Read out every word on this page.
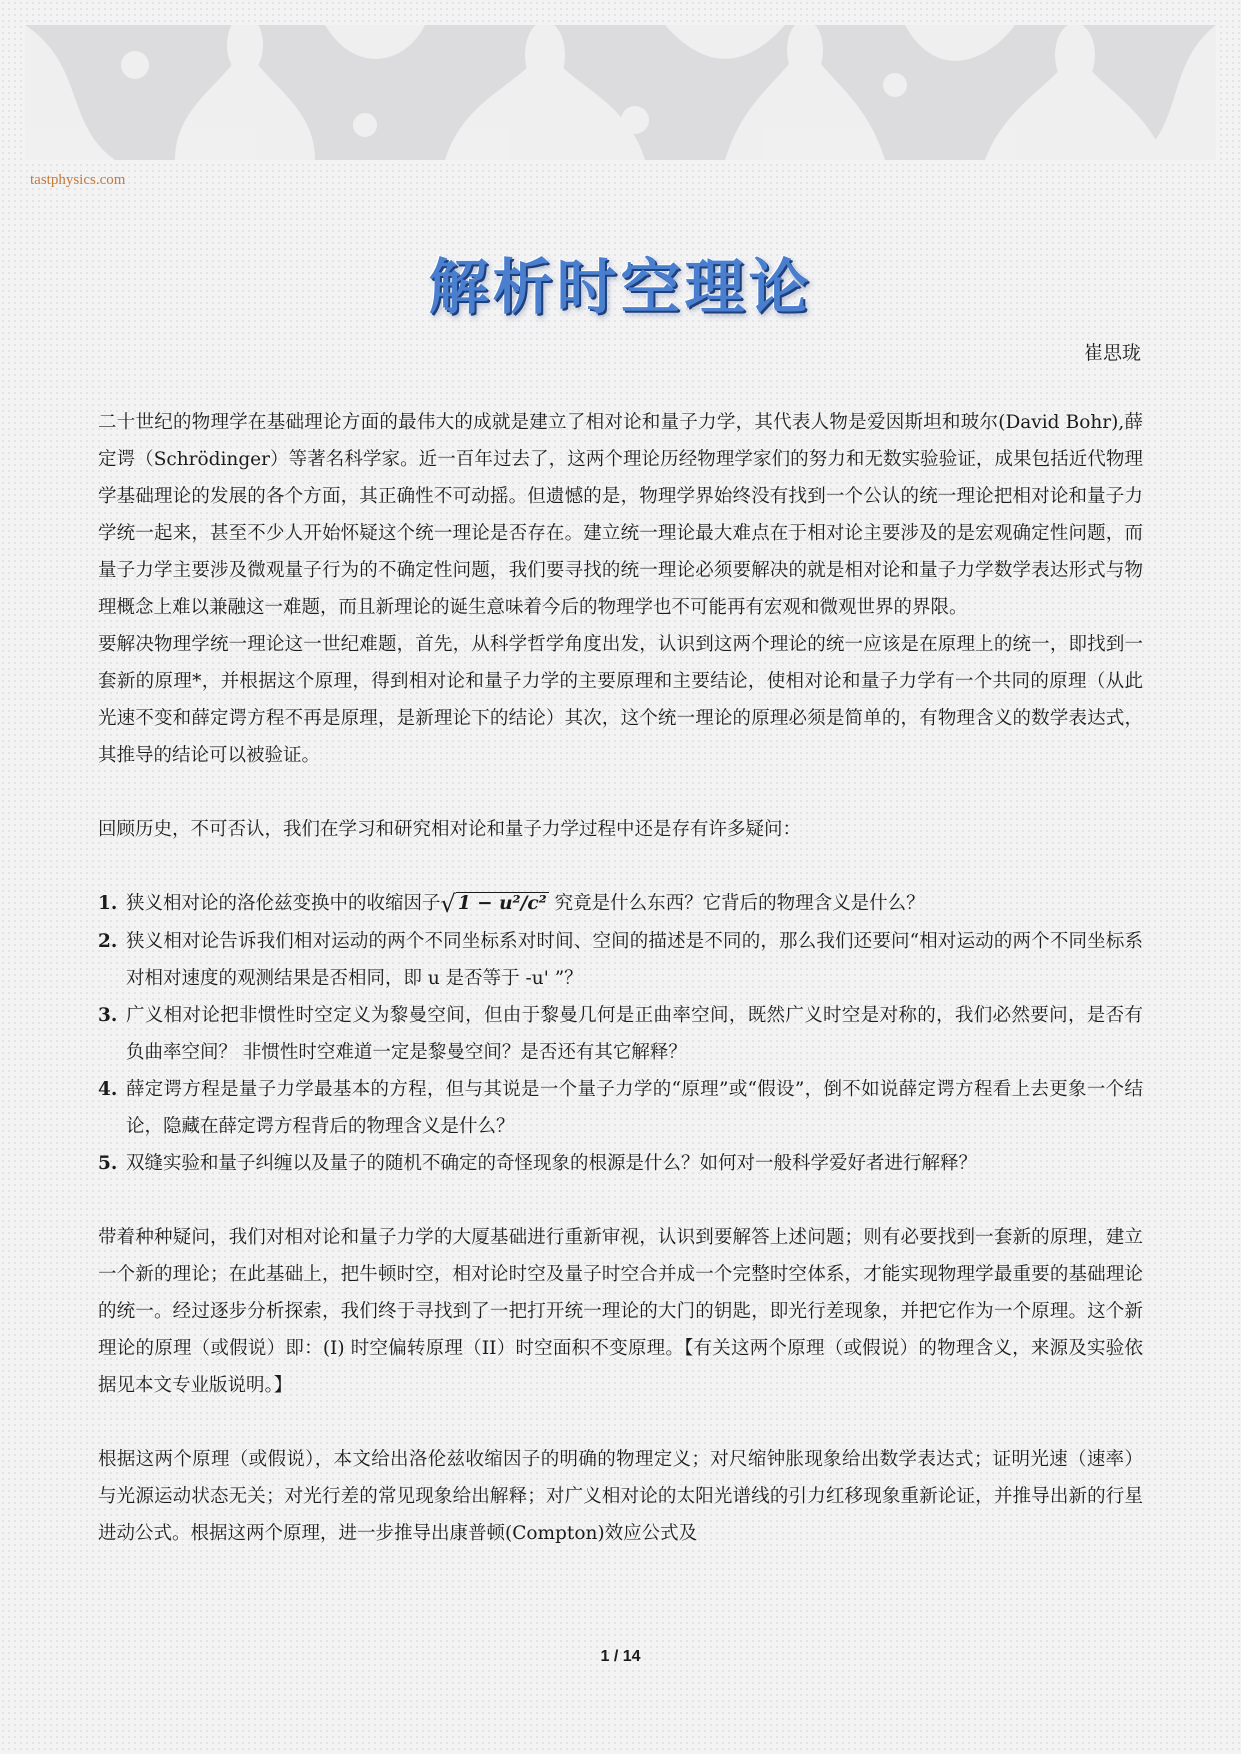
tastphysics.com
解析时空理论
崔思珑

二十世纪的物理学在基础理论方面的最伟大的成就是建立了相对论和量子力学，其代表人物是爱因斯坦和玻尔(David Bohr),薛定谔（Schrödinger）等著名科学家。近一百年过去了，这两个理论历经物理学家们的努力和无数实验验证，成果包括近代物理学基础理论的发展的各个方面，其正确性不可动摇。但遗憾的是，物理学界始终没有找到一个公认的统一理论把相对论和量子力学统一起来，甚至不少人开始怀疑这个统一理论是否存在。建立统一理论最大难点在于相对论主要涉及的是宏观确定性问题，而量子力学主要涉及微观量子行为的不确定性问题，我们要寻找的统一理论必须要解决的就是相对论和量子力学数学表达形式与物理概念上难以兼融这一难题，而且新理论的诞生意味着今后的物理学也不可能再有宏观和微观世界的界限。

要解决物理学统一理论这一世纪难题，首先，从科学哲学角度出发，认识到这两个理论的统一应该是在原理上的统一，即找到一套新的原理*，并根据这个原理，得到相对论和量子力学的主要原理和主要结论，使相对论和量子力学有一个共同的原理（从此光速不变和薛定谔方程不再是原理，是新理论下的结论）其次，这个统一理论的原理必须是简单的，有物理含义的数学表达式，其推导的结论可以被验证。

回顾历史，不可否认，我们在学习和研究相对论和量子力学过程中还是存有许多疑问：

1. 狭义相对论的洛伦兹变换中的收缩因子√ 1 − u²/c² 究竟是什么东西？它背后的物理含义是什么？
2. 狭义相对论告诉我们相对运动的两个不同坐标系对时间、空间的描述是不同的，那么我们还要问“相对运动的两个不同坐标系对相对速度的观测结果是否相同，即 u 是否等于 -u' ”？
3. 广义相对论把非惯性时空定义为黎曼空间，但由于黎曼几何是正曲率空间，既然广义时空是对称的，我们必然要问，是否有负曲率空间？ 非惯性时空难道一定是黎曼空间？是否还有其它解释？
4. 薛定谔方程是量子力学最基本的方程，但与其说是一个量子力学的“原理”或“假设”，倒不如说薛定谔方程看上去更象一个结论，隐藏在薛定谔方程背后的物理含义是什么？
5. 双缝实验和量子纠缠以及量子的随机不确定的奇怪现象的根源是什么？如何对一般科学爱好者进行解释？

带着种种疑问，我们对相对论和量子力学的大厦基础进行重新审视，认识到要解答上述问题；则有必要找到一套新的原理，建立一个新的理论；在此基础上，把牛顿时空，相对论时空及量子时空合并成一个完整时空体系，才能实现物理学最重要的基础理论的统一。经过逐步分析探索，我们终于寻找到了一把打开统一理论的大门的钥匙，即光行差现象，并把它作为一个原理。这个新理论的原理（或假说）即：(I) 时空偏转原理（II）时空面积不变原理。【有关这两个原理（或假说）的物理含义，来源及实验依据见本文专业版说明。】

根据这两个原理（或假说），本文给出洛伦兹收缩因子的明确的物理定义；对尺缩钟胀现象给出数学表达式；证明光速（速率）与光源运动状态无关；对光行差的常见现象给出解释；对广义相对论的太阳光谱线的引力红移现象重新论证，并推导出新的行星进动公式。根据这两个原理，进一步推导出康普顿(Compton)效应公式及

1 / 14
